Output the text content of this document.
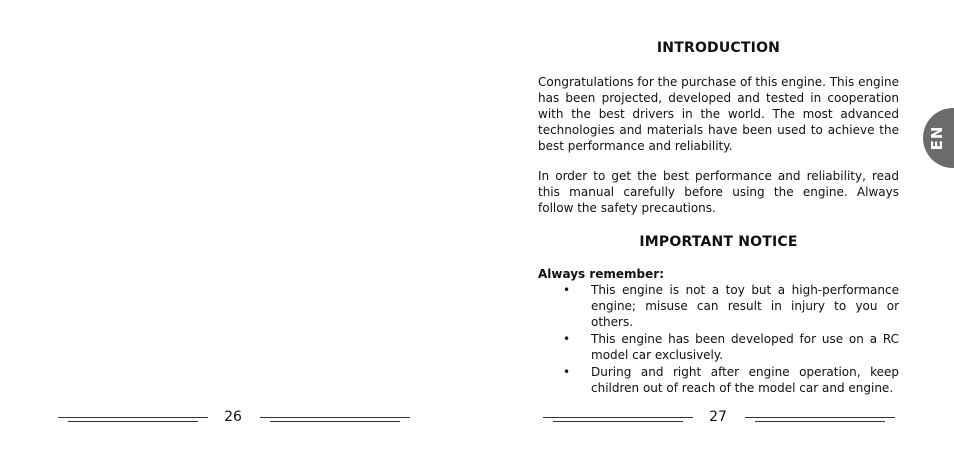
26
INTRODUCTION

Congratulations for the purchase of this engine. This engine has been projected, developed and tested in cooperation with the best drivers in the world. The most advanced technologies and materials have been used to achieve the best performance and reliability.

In order to get the best performance and reliability, read this manual carefully before using the engine. Always follow the safety precautions.

IMPORTANT NOTICE
Always remember:
• This engine is not a toy but a high-performance engine; misuse can result in injury to you or others.
• This engine has been developed for use on a RC model car exclusively.
• During and right after engine operation, keep children out of reach of the model car and engine.
27
EN
